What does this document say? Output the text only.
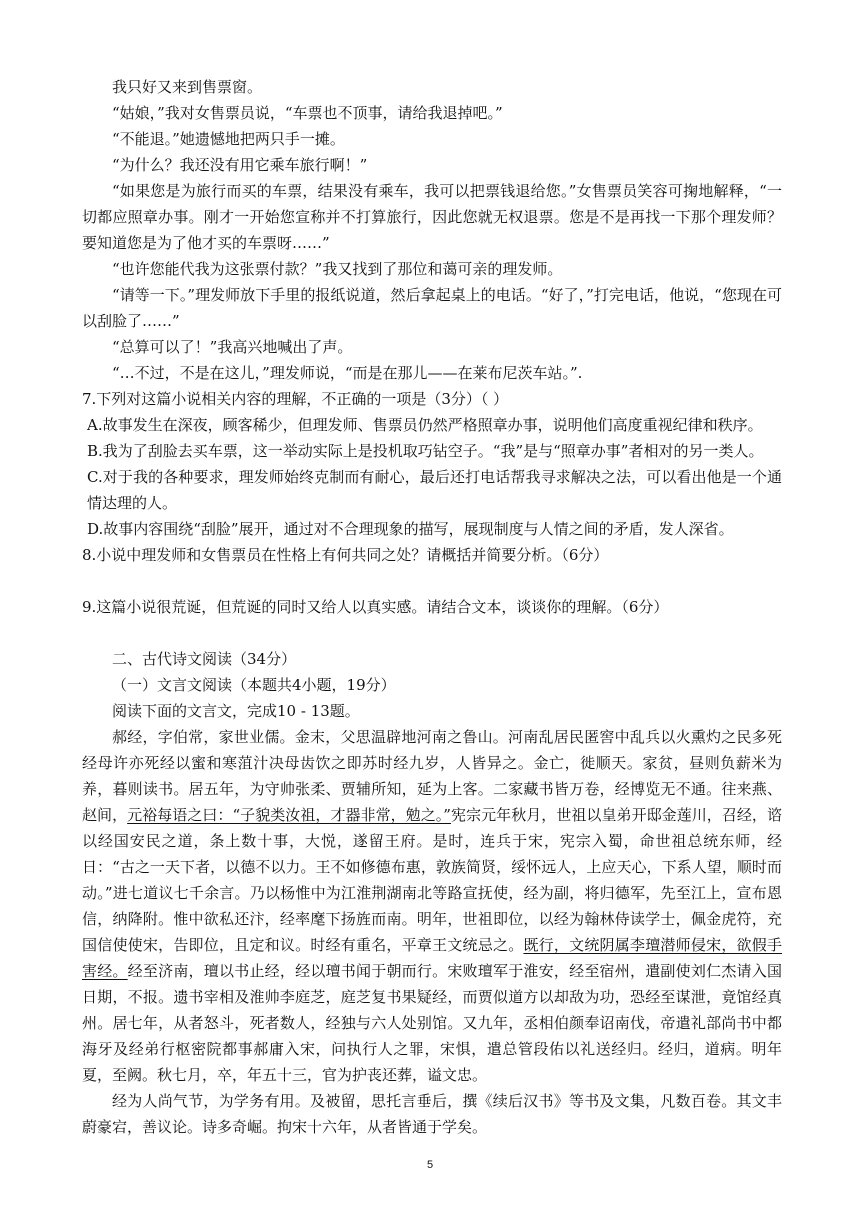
我只好又来到售票窗。

“姑娘，”我对女售票员说，“车票也不顶事，请给我退掉吧。”

“不能退。”她遗憾地把两只手一摊。

“为什么？我还没有用它乘车旅行啊！”

“如果您是为旅行而买的车票，结果没有乘车，我可以把票钱退给您。”女售票员笑容可掬地解释，“一切都应照章办事。刚才一开始您宣称并不打算旅行，因此您就无权退票。您是不是再找一下那个理发师？要知道您是为了他才买的车票呀……”

“也许您能代我为这张票付款？”我又找到了那位和蔼可亲的理发师。

“请等一下。”理发师放下手里的报纸说道，然后拿起桌上的电话。“好了，”打完电话，他说，“您现在可以刮脸了……”

“总算可以了！”我高兴地喊出了声。

“…不过，不是在这儿，”理发师说，“而是在那儿——在莱布尼茨车站。”.

7.下列对这篇小说相关内容的理解，不正确的一项是（3分）（ ）

A.故事发生在深夜，顾客稀少，但理发师、售票员仍然严格照章办事，说明他们高度重视纪律和秩序。

B.我为了刮脸去买车票，这一举动实际上是投机取巧钻空子。“我”是与“照章办事”者相对的另一类人。

C.对于我的各种要求，理发师始终克制而有耐心，最后还打电话帮我寻求解决之法，可以看出他是一个通情达理的人。

D.故事内容围绕“刮脸”展开，通过对不合理现象的描写，展现制度与人情之间的矛盾，发人深省。

8.小说中理发师和女售票员在性格上有何共同之处？请概括并简要分析。（6分）

9.这篇小说很荒诞，但荒诞的同时又给人以真实感。请结合文本，谈谈你的理解。（6分）

二、古代诗文阅读（34分）

（一）文言文阅读（本题共4小题，19分）

阅读下面的文言文，完成10 - 13题。

郝经，字伯常，家世业儒。金末，父思温辟地河南之鲁山。河南乱居民匿窖中乱兵以火熏灼之民多死经母许亦死经以蜜和寒菹汁决母齿饮之即苏时经九岁，人皆异之。金亡，徙顺天。家贫，昼则负薪米为养，暮则读书。居五年，为守帅张柔、贾辅所知，延为上客。二家藏书皆万卷，经博览无不通。往来燕、赵间，元裕每语之曰：“子貌类汝祖，才器非常，勉之。”宪宗元年秋月，世祖以皇弟开邸金莲川，召经，谘以经国安民之道，条上数十事，大悦，遂留王府。是时，连兵于宋，宪宗入蜀，命世祖总统东师，经日：“古之一天下者，以德不以力。王不如修德布惠，敦族简贤，绥怀远人，上应天心，下系人望，顺时而动。”进七道议七千余言。乃以杨惟中为江淮荆湖南北等路宣抚使，经为副，将归德军，先至江上，宣布恩信，纳降附。惟中欲私还汴，经率麾下扬旌而南。明年，世祖即位，以经为翰林侍读学士，佩金虎符，充国信使使宋，告即位，且定和议。时经有重名，平章王文统忌之。既行，文统阴属李璮潜师侵宋，欲假手害经。经至济南，璮以书止经，经以璮书闻于朝而行。宋败璮军于淮安，经至宿州，遣副使刘仁杰请入国日期，不报。遗书宰相及淮帅李庭芝，庭芝复书果疑经，而贾似道方以却敌为功，恐经至谋泄，竟馆经真州。居七年，从者怒斗，死者数人，经独与六人处别馆。又九年，丞相伯颜奉诏南伐，帝遣礼部尚书中都海牙及经弟行枢密院都事郝庸入宋，问执行人之罪，宋惧，遣总管段佑以礼送经归。经归，道病。明年夏，至阙。秋七月，卒，年五十三，官为护丧还葬，谥文忠。

经为人尚气节，为学务有用。及被留，思托言垂后，撰《续后汉书》等书及文集，凡数百卷。其文丰蔚豪宕，善议论。诗多奇崛。拘宋十六年，从者皆通于学矣。

5
